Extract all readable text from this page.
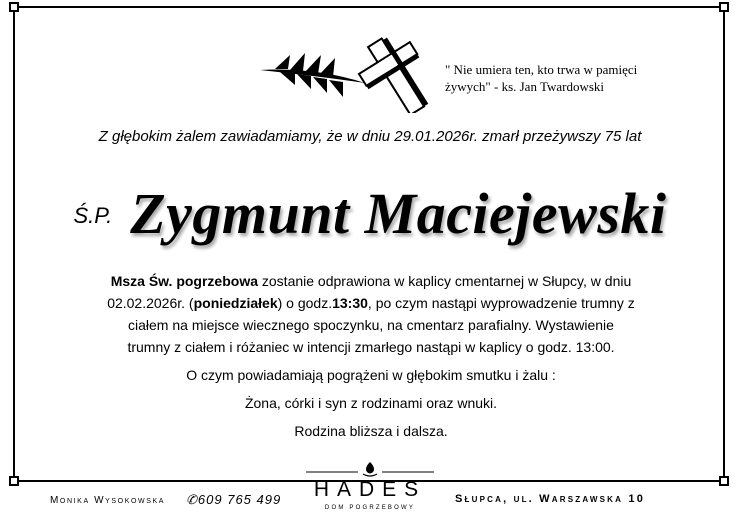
" Nie umiera ten, kto trwa w pamięci
żywych" - ks. Jan Twardowski
Z głębokim żalem zawiadamiamy, że w dniu 29.01.2026r. zmarł przeżywszy 75 lat
Ś.P. Zygmunt Maciejewski
Msza Św. pogrzebowa zostanie odprawiona w kaplicy cmentarnej w Słupcy, w dniu
02.02.2026r. (poniedziałek) o godz.13:30, po czym nastąpi wyprowadzenie trumny z
ciałem na miejsce wiecznego spoczynku, na cmentarz parafialny. Wystawienie
trumny z ciałem i różaniec w intencji zmarłego nastąpi w kaplicy o godz. 13:00.
O czym powiadamiają pogrążeni w głębokim smutku i żalu :
Żona, córki i syn z rodzinami oraz wnuki.
Rodzina bliższa i dalsza.
HADES
DOM POGRZEBOWY
Monika Wysokowska ✆609 765 499	Słupca, ul. Warszawska 10
